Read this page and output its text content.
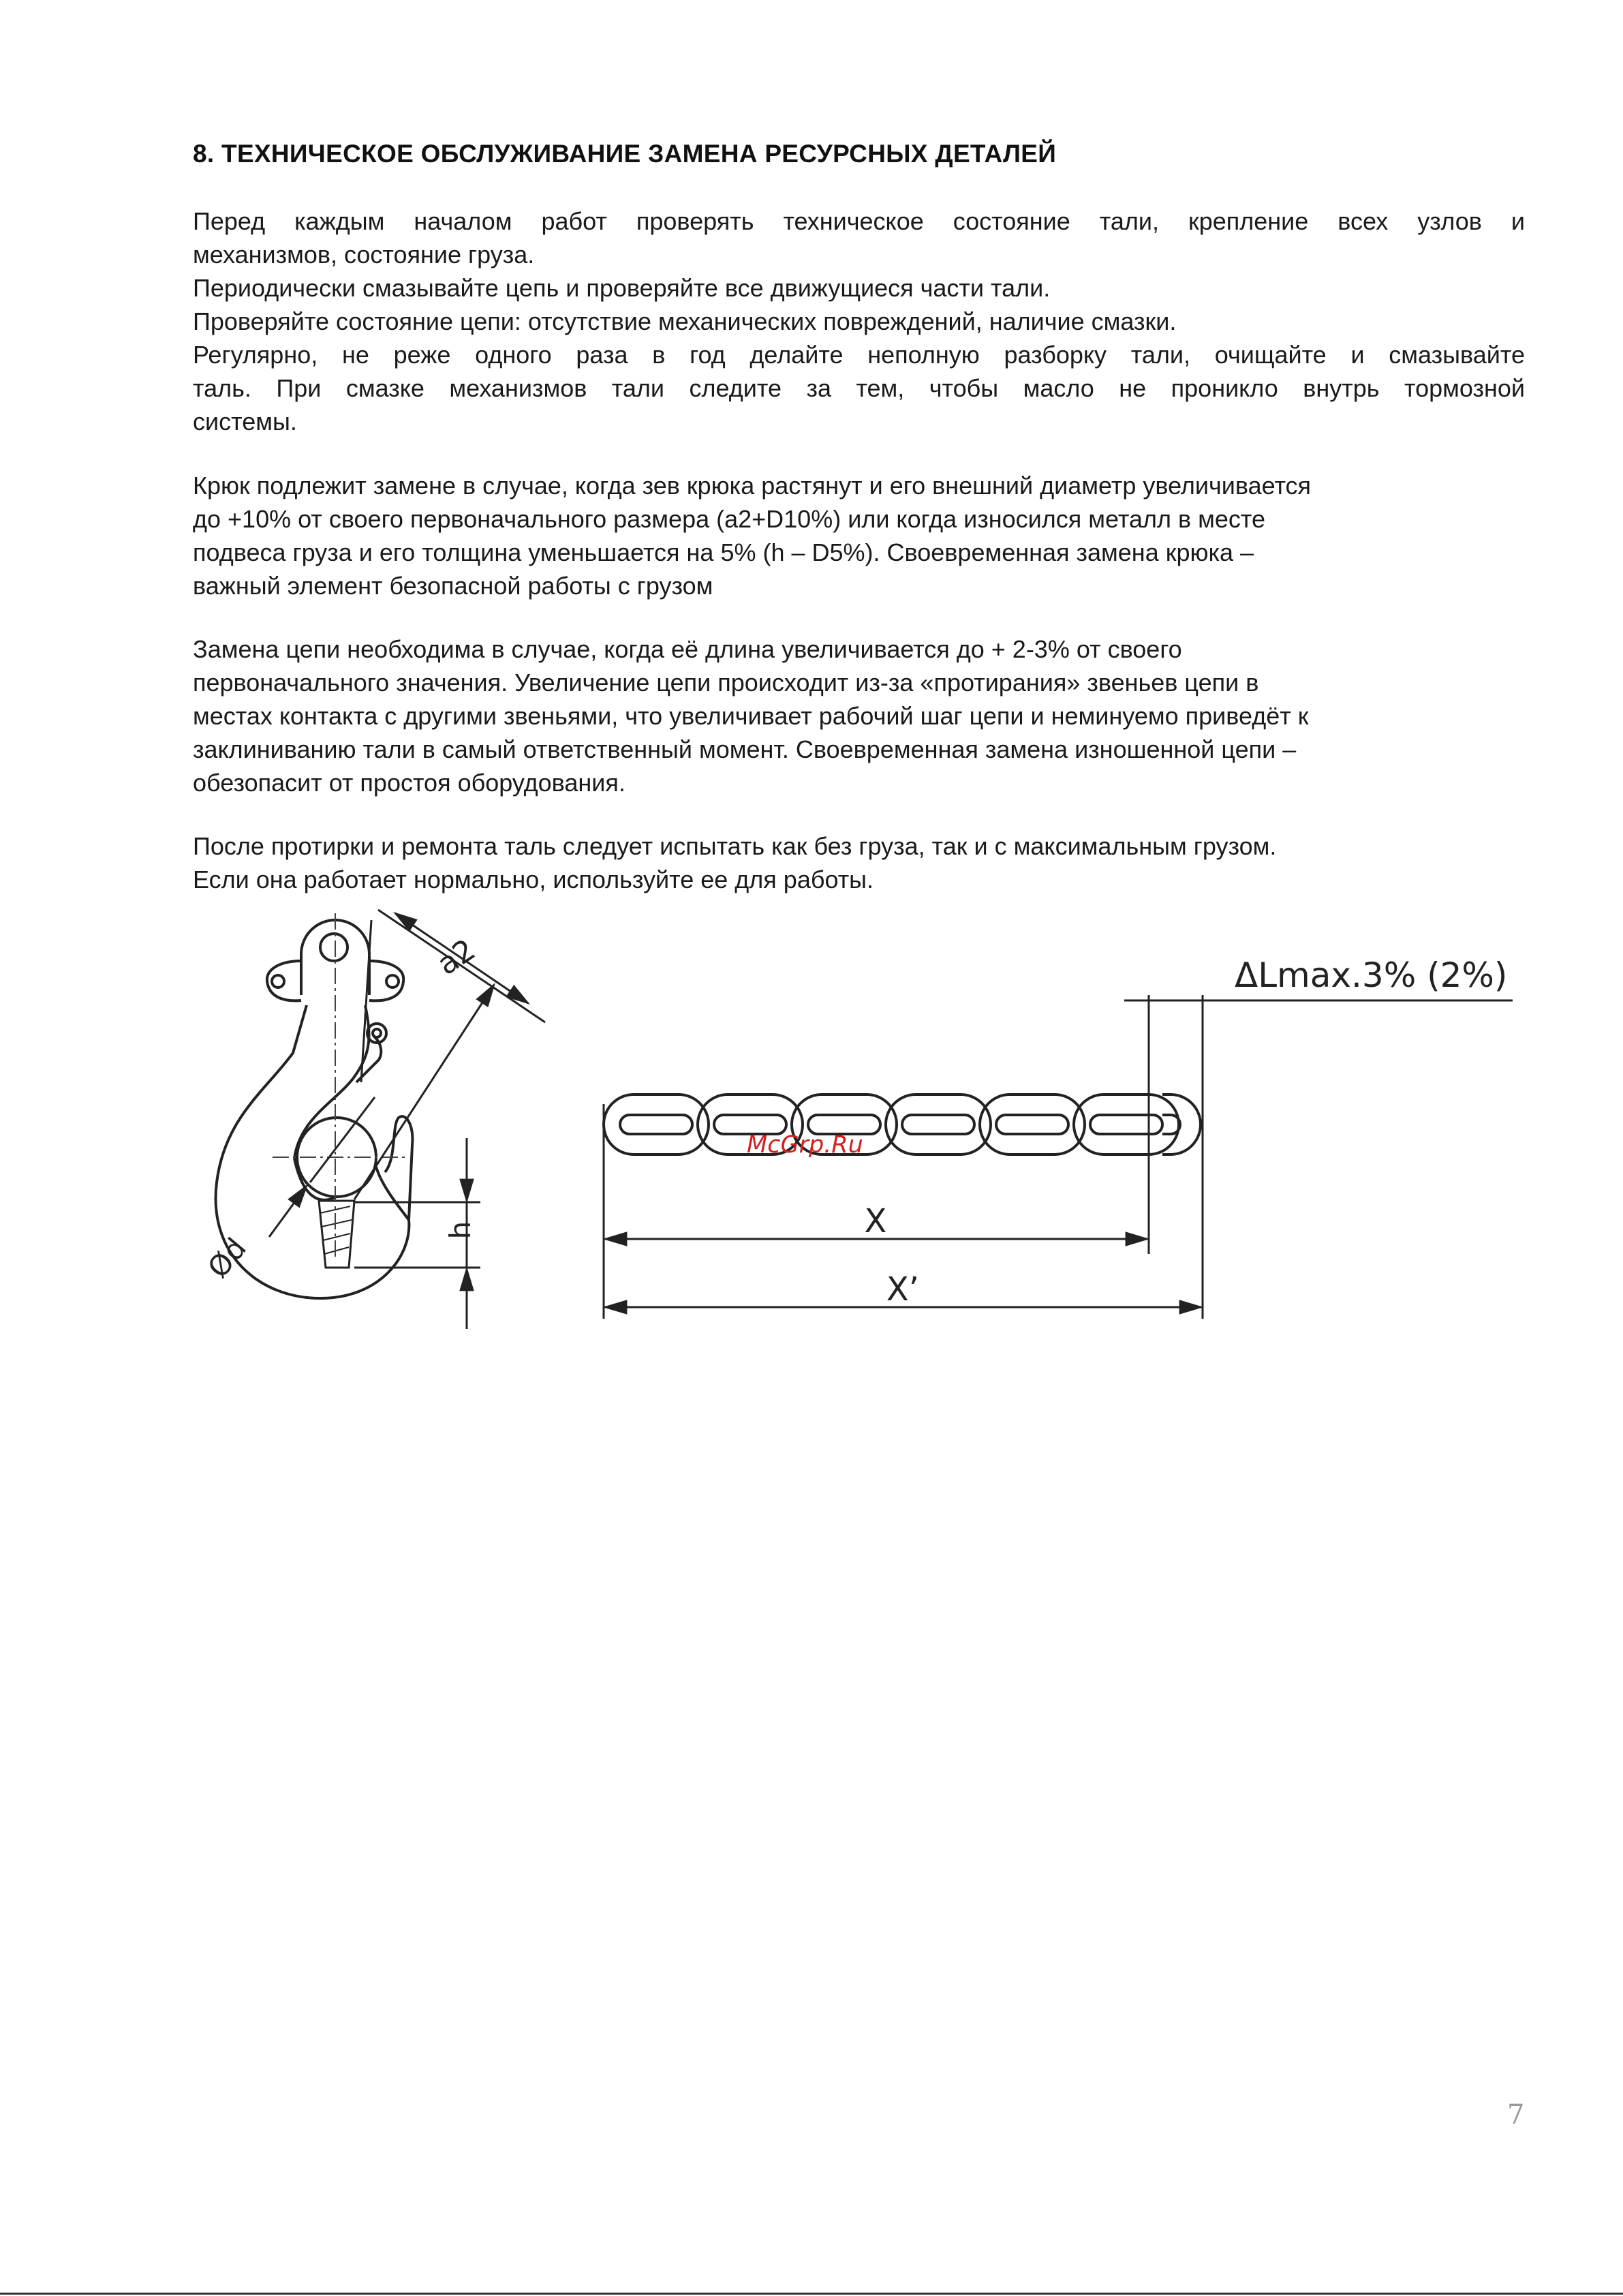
8. ТЕХНИЧЕСКОЕ ОБСЛУЖИВАНИЕ ЗАМЕНА РЕСУРСНЫХ ДЕТАЛЕЙ
Перед каждым началом работ проверять техническое состояние тали, крепление всех узлов и
механизмов, состояние груза.
Периодически смазывайте цепь и проверяйте все движущиеся части тали.
Проверяйте состояние цепи: отсутствие механических повреждений, наличие смазки.
Регулярно, не реже одного раза в год делайте неполную разборку тали, очищайте и смазывайте
таль. При смазке механизмов тали следите за тем, чтобы масло не проникло внутрь тормозной
системы.
Крюк подлежит замене в случае, когда зев крюка растянут и его внешний диаметр увеличивается
до +10% от своего первоначального размера (a2+D10%) или когда износился металл в месте
подвеса груза и его толщина уменьшается на 5% (h – D5%). Своевременная замена крюка –
важный элемент безопасной работы с грузом
Замена цепи необходима в случае, когда её длина увеличивается до + 2-3% от своего
первоначального значения. Увеличение цепи происходит из-за «протирания» звеньев цепи в
местах контакта с другими звеньями, что увеличивает рабочий шаг цепи и неминуемо приведёт к
заклиниванию тали в самый ответственный момент. Своевременная замена изношенной цепи –
обезопасит от простоя оборудования.
После протирки и ремонта таль следует испытать как без груза, так и с максимальным грузом.
Если она работает нормально, используйте ее для работы.
a2
Ød
h
ΔLmax.3% (2%)
X
X’
McGrp.Ru
7
